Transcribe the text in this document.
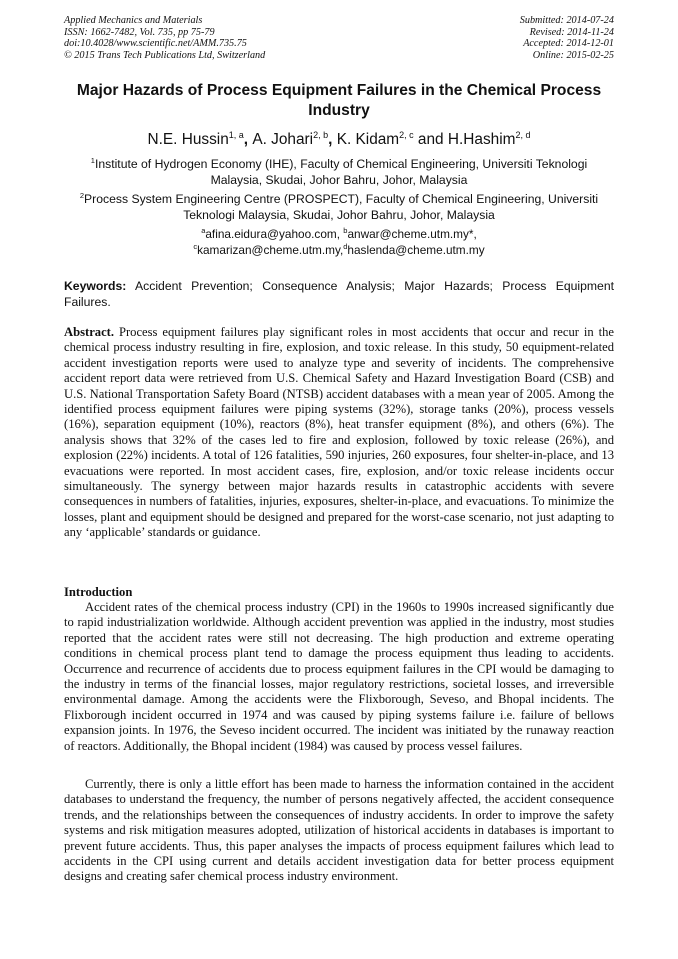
Applied Mechanics and Materials
ISSN: 1662-7482, Vol. 735, pp 75-79
doi:10.4028/www.scientific.net/AMM.735.75
© 2015 Trans Tech Publications Ltd, Switzerland
Submitted: 2014-07-24
Revised: 2014-11-24
Accepted: 2014-12-01
Online: 2015-02-25
Major Hazards of Process Equipment Failures in the Chemical Process Industry
N.E. Hussin$^{1, a}$, A. Johari$^{2, b}$, K. Kidam$^{2, c}$ and H.Hashim$^{2, d}$
$^1$Institute of Hydrogen Economy (IHE), Faculty of Chemical Engineering, Universiti Teknologi Malaysia, Skudai, Johor Bahru, Johor, Malaysia
$^2$Process System Engineering Centre (PROSPECT), Faculty of Chemical Engineering, Universiti Teknologi Malaysia, Skudai, Johor Bahru, Johor, Malaysia
$^a$afina.eidura@yahoo.com, $^b$anwar@cheme.utm.my*,
$^c$kamarizan@cheme.utm.my,$^d$haslenda@cheme.utm.my
Keywords: Accident Prevention; Consequence Analysis; Major Hazards; Process Equipment Failures.

Abstract. Process equipment failures play significant roles in most accidents that occur and recur in the chemical process industry resulting in fire, explosion, and toxic release. In this study, 50 equipment-related accident investigation reports were used to analyze type and severity of incidents. The comprehensive accident report data were retrieved from U.S. Chemical Safety and Hazard Investigation Board (CSB) and U.S. National Transportation Safety Board (NTSB) accident databases with a mean year of 2005. Among the identified process equipment failures were piping systems (32%), storage tanks (20%), process vessels (16%), separation equipment (10%), reactors (8%), heat transfer equipment (8%), and others (6%). The analysis shows that 32% of the cases led to fire and explosion, followed by toxic release (26%), and explosion (22%) incidents. A total of 126 fatalities, 590 injuries, 260 exposures, four shelter-in-place, and 13 evacuations were reported. In most accident cases, fire, explosion, and/or toxic release incidents occur simultaneously. The synergy between major hazards results in catastrophic accidents with severe consequences in numbers of fatalities, injuries, exposures, shelter-in-place, and evacuations. To minimize the losses, plant and equipment should be designed and prepared for the worst-case scenario, not just adapting to any ‘applicable’ standards or guidance.

Introduction

Accident rates of the chemical process industry (CPI) in the 1960s to 1990s increased significantly due to rapid industrialization worldwide. Although accident prevention was applied in the industry, most studies reported that the accident rates were still not decreasing. The high production and extreme operating conditions in chemical process plant tend to damage the process equipment thus leading to accidents. Occurrence and recurrence of accidents due to process equipment failures in the CPI would be damaging to the industry in terms of the financial losses, major regulatory restrictions, societal losses, and irreversible environmental damage. Among the accidents were the Flixborough, Seveso, and Bhopal incidents. The Flixborough incident occurred in 1974 and was caused by piping systems failure i.e. failure of bellows expansion joints. In 1976, the Seveso incident occurred. The incident was initiated by the runaway reaction of reactors. Additionally, the Bhopal incident (1984) was caused by process vessel failures.

Currently, there is only a little effort has been made to harness the information contained in the accident databases to understand the frequency, the number of persons negatively affected, the accident consequence trends, and the relationships between the consequences of industry accidents. In order to improve the safety systems and risk mitigation measures adopted, utilization of historical accidents in databases is important to prevent future accidents. Thus, this paper analyses the impacts of process equipment failures which lead to accidents in the CPI using current and details accident investigation data for better process equipment designs and creating safer chemical process industry environment.
